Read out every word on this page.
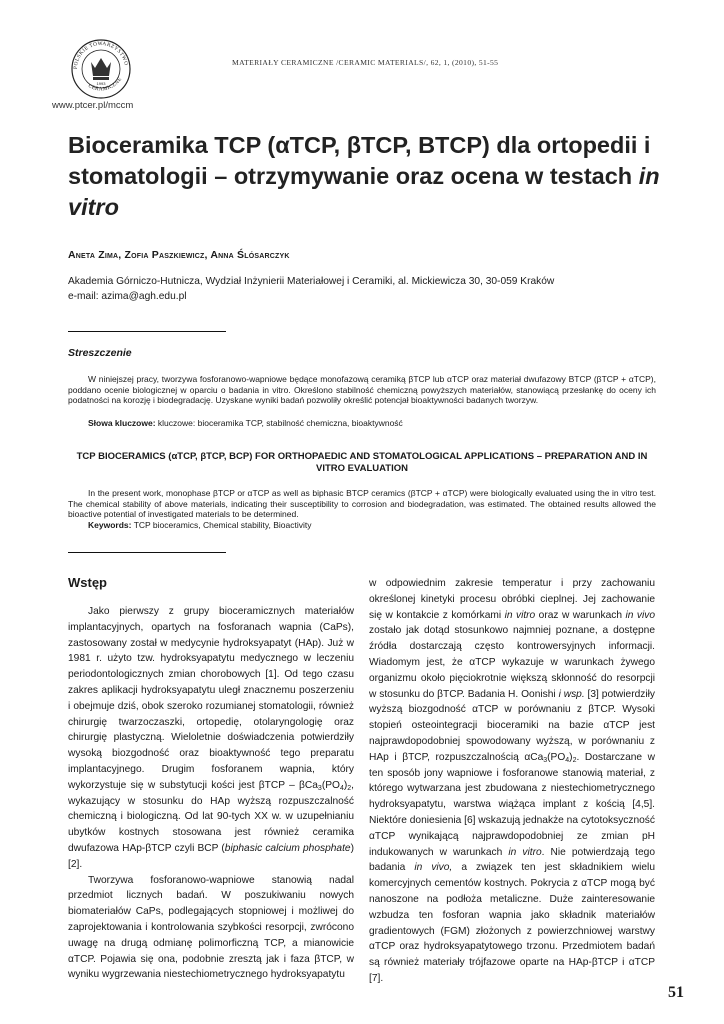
POLSKIE TOWARZYSTWO
CERAMICZNE
1993
www.ptcer.pl/mccm
MATERIAŁY CERAMICZNE /CERAMIC MATERIALS/, 62, 1, (2010), 51-55
Bioceramika TCP (αTCP, βTCP, BTCP) dla ortopedii i stomatologii – otrzymywanie oraz ocena w testach in vitro
Aneta Zima, Zofia Paszkiewicz, Anna Ślósarczyk
Akademia Górniczo-Hutnicza, Wydział Inżynierii Materiałowej i Ceramiki, al. Mickiewicza 30, 30-059 Kraków
e-mail: azima@agh.edu.pl
Streszczenie
W niniejszej pracy, tworzywa fosforanowo-wapniowe będące monofazową ceramiką βTCP lub αTCP oraz materiał dwufazowy BTCP (βTCP + αTCP), poddano ocenie biologicznej w oparciu o badania in vitro. Określono stabilność chemiczną powyższych materiałów, stanowiącą przesłankę do oceny ich podatności na korozję i biodegradację. Uzyskane wyniki badań pozwoliły określić potencjał bioaktywności badanych tworzyw.
Słowa kluczowe: kluczowe: bioceramika TCP, stabilność chemiczna, bioaktywność
TCP BIOCERAMICS (αTCP, βTCP, BCP) FOR ORTHOPAEDIC AND STOMATOLOGICAL APPLICATIONS – PREPARATION AND IN VITRO EVALUATION
In the present work, monophase βTCP or αTCP as well as biphasic BTCP ceramics (βTCP + αTCP) were biologically evaluated using the in vitro test. The chemical stability of above materials, indicating their susceptibility to corrosion and biodegradation, was estimated. The obtained results allowed the bioactive potential of investigated materials to be determined.
Keywords: TCP bioceramics, Chemical stability, Bioactivity
Wstęp

Jako pierwszy z grupy bioceramicznych materiałów implantacyjnych, opartych na fosforanach wapnia (CaPs), zastosowany został w medycynie hydroksyapatyt (HAp). Już w 1981 r. użyto tzw. hydroksyapatytu medycznego w leczeniu periodontologicznych zmian chorobowych [1]. Od tego czasu zakres aplikacji hydroksyapatytu uległ znacznemu poszerzeniu i obejmuje dziś, obok szeroko rozumianej stomatologii, również chirurgię twarzoczaszki, ortopedię, otolaryngologię oraz chirurgię plastyczną. Wieloletnie doświadczenia potwierdziły wysoką biozgodność oraz bioaktywność tego preparatu implantacyjnego. Drugim fosforanem wapnia, który wykorzystuje się w substytucji kości jest βTCP – $\beta Ca_3(PO_4)_2$, wykazujący w stosunku do HAp wyższą rozpuszczalność chemiczną i biologiczną. Od lat 90-tych XX w. w uzupełnianiu ubytków kostnych stosowana jest również ceramika dwufazowa HAp-βTCP czyli BCP (biphasic calcium phosphate) [2].

Tworzywa fosforanowo-wapniowe stanowią nadal przedmiot licznych badań. W poszukiwaniu nowych biomateriałów CaPs, podlegających stopniowej i możliwej do zaprojektowania i kontrolowania szybkości resorpcji, zwrócono uwagę na drugą odmianę polimorficzną TCP, a mianowicie αTCP. Pojawia się ona, podobnie zresztą jak i faza βTCP, w wyniku wygrzewania niestechiometrycznego hydroksyapatytu

w odpowiednim zakresie temperatur i przy zachowaniu określonej kinetyki procesu obróbki cieplnej. Jej zachowanie się w kontakcie z komórkami in vitro oraz w warunkach in vivo zostało jak dotąd stosunkowo najmniej poznane, a dostępne źródła dostarczają często kontrowersyjnych informacji. Wiadomym jest, że αTCP wykazuje w warunkach żywego organizmu około pięciokrotnie większą skłonność do resorpcji w stosunku do βTCP. Badania H. Oonishi i wsp. [3] potwierdziły wyższą biozgodność αTCP w porównaniu z βTCP. Wysoki stopień osteointegracji bioceramiki na bazie αTCP jest najprawdopodobniej spowodowany wyższą, w porównaniu z HAp i βTCP, rozpuszczalnością $\alpha Ca_3(PO_4)_2$. Dostarczane w ten sposób jony wapniowe i fosforanowe stanowią materiał, z którego wytwarzana jest zbudowana z niestechiometrycznego hydroksyapatytu, warstwa wiążąca implant z kością [4,5]. Niektóre doniesienia [6] wskazują jednakże na cytotoksyczność αTCP wynikającą najprawdopodobniej ze zmian pH indukowanych w warunkach in vitro. Nie potwierdzają tego badania in vivo, a związek ten jest składnikiem wielu komercyjnych cementów kostnych. Pokrycia z αTCP mogą być nanoszone na podłoża metaliczne. Duże zainteresowanie wzbudza ten fosforan wapnia jako składnik materiałów gradientowych (FGM) złożonych z powierzchniowej warstwy αTCP oraz hydroksyapatytowego trzonu. Przedmiotem badań są również materiały trójfazowe oparte na HAp-βTCP i αTCP [7].

51
